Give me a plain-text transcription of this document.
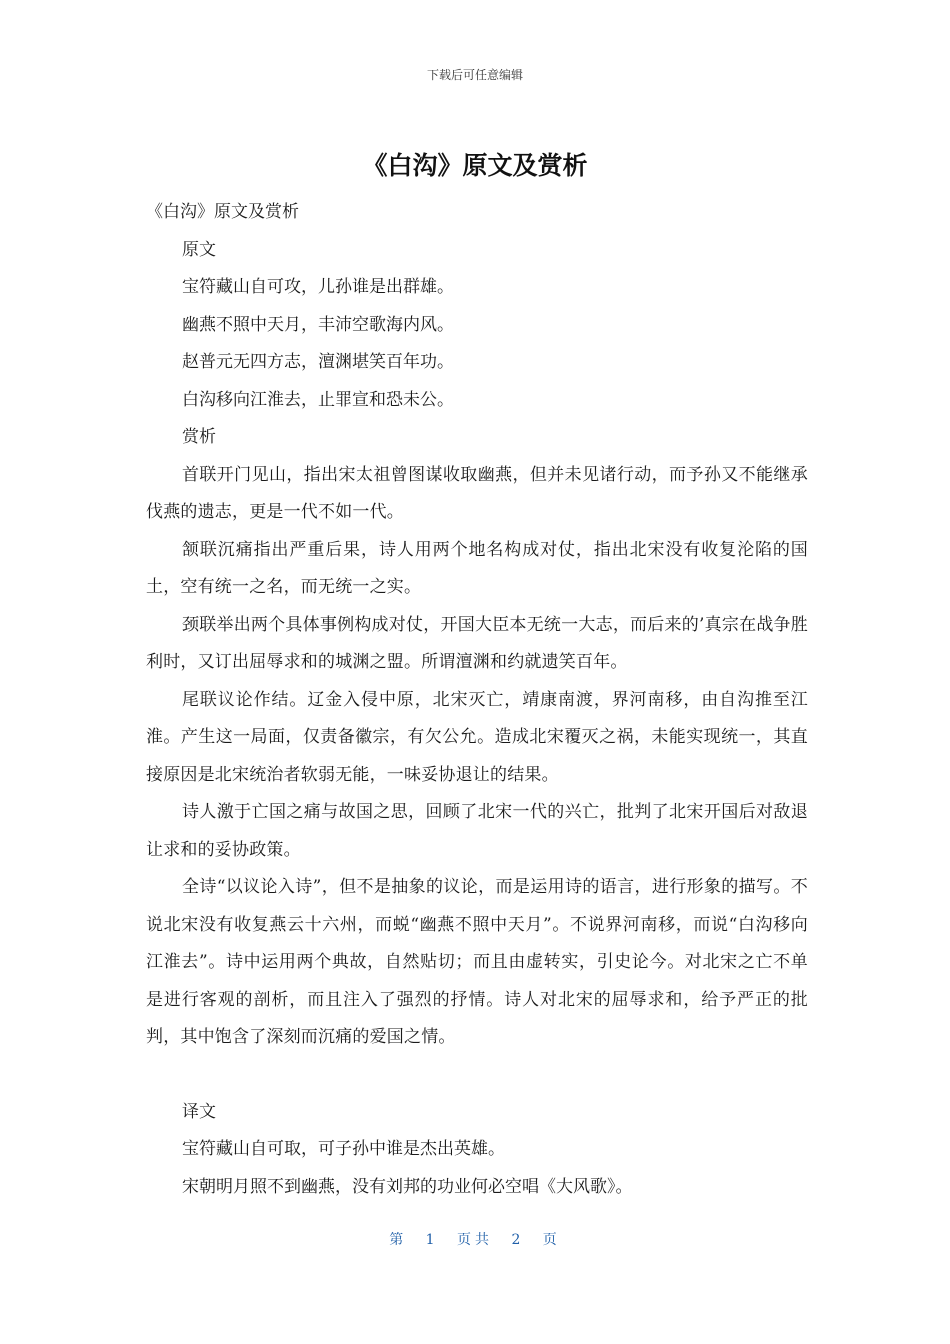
下载后可任意编辑
《白沟》原文及赏析

《白沟》原文及赏析

原文

宝符藏山自可攻，儿孙谁是出群雄。

幽燕不照中天月，丰沛空歌海内风。

赵普元无四方志，澶渊堪笑百年功。

白沟移向江淮去，止罪宣和恐未公。

赏析

首联开门见山，指出宋太祖曾图谋收取幽燕，但并未见诸行动，而予孙又不能继承伐燕的遗志，更是一代不如一代。

颔联沉痛指出严重后果，诗人用两个地名构成对仗，指出北宋没有收复沦陷的国土，空有统一之名，而无统一之实。

颈联举出两个具体事例构成对仗，开国大臣本无统一大志，而后来的’真宗在战争胜利时，又订出屈辱求和的城渊之盟。所谓澶渊和约就遗笑百年。

尾联议论作结。辽金入侵中原，北宋灭亡，靖康南渡，界河南移，由自沟推至江淮。产生这一局面，仅责备徽宗，有欠公允。造成北宋覆灭之祸，未能实现统一，其直接原因是北宋统治者软弱无能，一味妥协退让的结果。

诗人激于亡国之痛与故国之思，回顾了北宋一代的兴亡，批判了北宋开国后对敌退让求和的妥协政策。

全诗“以议论入诗”，但不是抽象的议论，而是运用诗的语言，进行形象的描写。不说北宋没有收复燕云十六州，而蜕“幽燕不照中天月”。不说界河南移，而说“白沟移向江淮去”。诗中运用两个典故，自然贴切；而且由虚转实，引史论今。对北宋之亡不单是进行客观的剖析，而且注入了强烈的抒情。诗人对北宋的屈辱求和，给予严正的批判，其中饱含了深刻而沉痛的爱国之情。

译文

宝符藏山自可取，可子孙中谁是杰出英雄。

宋朝明月照不到幽燕，没有刘邦的功业何必空唱《大风歌》。

第 1 页共 2 页
